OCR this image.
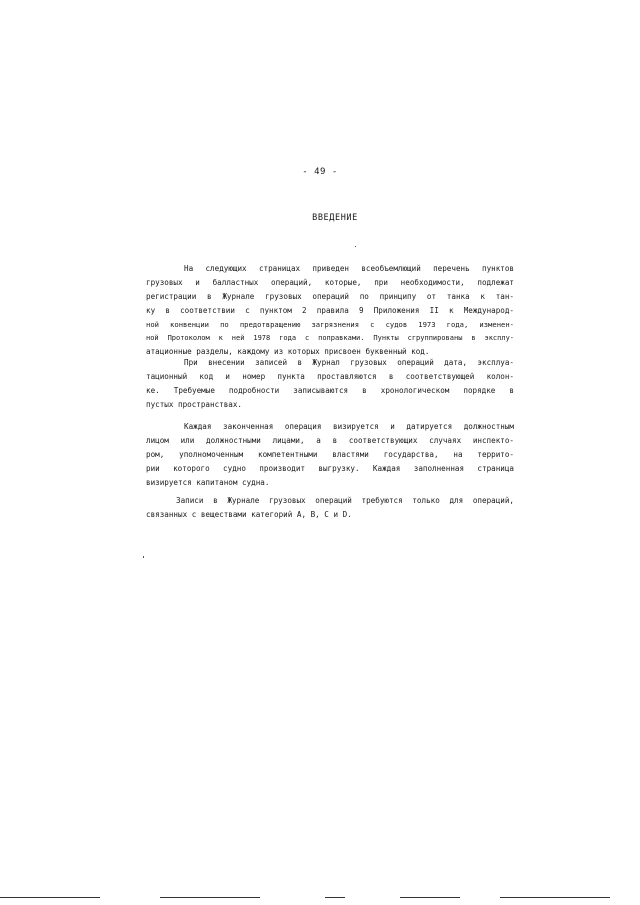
- 49 -
ВВЕДЕНИЕ
На следующих страницах приведен всеобъемлющий перечень пунктов
грузовых и балластных операций, которые, при необходимости, подлежат
регистрации в Журнале грузовых операций по принципу от танка к тан-
ку в соответствии с пунктом 2 правила 9 Приложения II к Международ-
ной конвенции по предотвращению загрязнения с судов 1973 года, изменен-
ной Протоколом к ней 1978 года с поправками. Пункты сгруппированы в эксплу-
атационные разделы, каждому из которых присвоен буквенный код.
При внесении записей в Журнал грузовых операций дата, эксплуа-
тационный код и номер пункта проставляются в соответствующей колон-
ке. Требуемые подробности записываются в хронологическом порядке в
пустых пространствах.
Каждая законченная операция визируется и датируется должностным
лицом или должностными лицами, а в соответствующих случаях инспекто-
ром, уполномоченным компетентными властями государства, на террито-
рии которого судно производит выгрузку. Каждая заполненная страница
визируется капитаном судна.
Записи в Журнале грузовых операций требуются только для операций,
связанных с веществами категорий A, B, C и D.
